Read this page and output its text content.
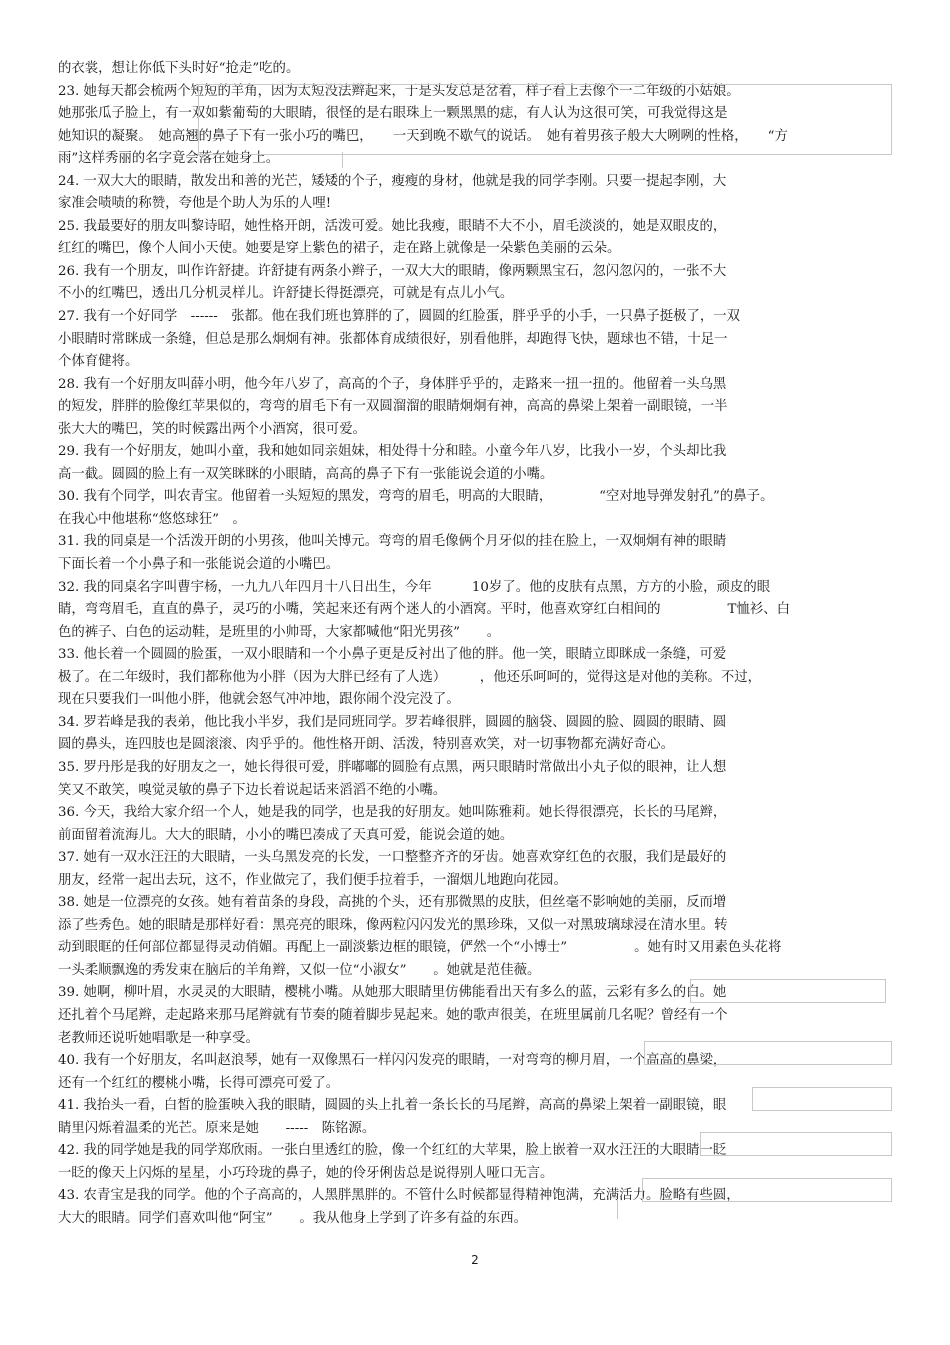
的衣裳，想让你低下头时好“抢走”吃的。
23. 她每天都会梳两个短短的羊角，因为太短没法辫起来，于是头发总是岔着，样子看上去像个一二年级的小姑娘。
她那张瓜子脸上，有一双如紫葡萄的大眼睛，很怪的是右眼珠上一颗黑黑的痣，有人认为这很可笑，可我觉得这是
她知识的凝聚。　她高翘的鼻子下有一张小巧的嘴巴，　　一天到晚不歇气的说话。　她有着男孩子般大大咧咧的性格，　　“方
雨”这样秀丽的名字竟会落在她身上。
24. 一双大大的眼睛，散发出和善的光芒，矮矮的个子，瘦瘦的身材，他就是我的同学李刚。只要一提起李刚，大
家准会啧啧的称赞，夸他是个助人为乐的人哩!
25. 我最要好的朋友叫黎诗昭，她性格开朗，活泼可爱。她比我瘦，眼睛不大不小，眉毛淡淡的，她是双眼皮的，
红红的嘴巴，像个人间小天使。她要是穿上紫色的裙子，走在路上就像是一朵紫色美丽的云朵。
26. 我有一个朋友，叫作许舒捷。许舒捷有两条小辫子，一双大大的眼睛，像两颗黑宝石，忽闪忽闪的，一张不大
不小的红嘴巴，透出几分机灵样儿。许舒捷长得挺漂亮，可就是有点儿小气。
27. 我有一个好同学　------　张都。他在我们班也算胖的了，圆圆的红脸蛋，胖乎乎的小手，一只鼻子挺极了，一双
小眼睛时常眯成一条缝，但总是那么炯炯有神。张都体育成绩很好，别看他胖，却跑得飞快，题球也不错，十足一
个体育健将。
28. 我有一个好朋友叫薛小明，他今年八岁了，高高的个子，身体胖乎乎的，走路来一扭一扭的。他留着一头乌黑
的短发，胖胖的脸像红苹果似的，弯弯的眉毛下有一双圆溜溜的眼睛炯炯有神，高高的鼻梁上架着一副眼镜，一半
张大大的嘴巴，笑的时候露出两个小酒窝，很可爱。
29. 我有一个好朋友，她叫小童，我和她如同亲姐妹，相处得十分和睦。小童今年八岁，比我小一岁，个头却比我
高一截。圆圆的脸上有一双笑眯眯的小眼睛，高高的鼻子下有一张能说会道的小嘴。
30. 我有个同学，叫农青宝。他留着一头短短的黑发，弯弯的眉毛，明高的大眼睛，　　　　“空对地导弹发射孔”的鼻子。
在我心中他堪称“悠悠球狂”　。
31. 我的同桌是一个活泼开朗的小男孩，他叫关博元。弯弯的眉毛像俩个月牙似的挂在脸上，一双炯炯有神的眼睛
下面长着一个小鼻子和一张能说会道的小嘴巴。
32. 我的同桌名字叫曹宇杨，一九九八年四月十八日出生，今年　　　10岁了。他的皮肤有点黑，方方的小脸，顽皮的眼
睛，弯弯眉毛，直直的鼻子，灵巧的小嘴，笑起来还有两个迷人的小酒窝。平时，他喜欢穿红白相间的　　　　　T恤衫、白
色的裤子、白色的运动鞋，是班里的小帅哥，大家都喊他“阳光男孩”　　。
33. 他长着一个圆圆的脸蛋，一双小眼睛和一个小鼻子更是反衬出了他的胖。他一笑，眼睛立即眯成一条缝，可爱
极了。在二年级时，我们都称他为小胖（因为大胖已经有了人选）　　　，他还乐呵呵的，觉得这是对他的美称。不过，
现在只要我们一叫他小胖，他就会怒气冲冲地，跟你闹个没完没了。
34. 罗若峰是我的表弟，他比我小半岁，我们是同班同学。罗若峰很胖，圆圆的脑袋、圆圆的脸、圆圆的眼睛、圆
圆的鼻头，连四肢也是圆滚滚、肉乎乎的。他性格开朗、活泼，特别喜欢笑，对一切事物都充满好奇心。
35. 罗丹彤是我的好朋友之一，她长得很可爱，胖嘟嘟的圆脸有点黑，两只眼睛时常做出小丸子似的眼神，让人想
笑又不敢笑，嗅觉灵敏的鼻子下边长着说起话来滔滔不绝的小嘴。
36. 今天，我给大家介绍一个人，她是我的同学，也是我的好朋友。她叫陈雅莉。她长得很漂亮，长长的马尾辫，
前面留着流海儿。大大的眼睛，小小的嘴巴凑成了天真可爱，能说会道的她。
37. 她有一双水汪汪的大眼睛，一头乌黑发亮的长发，一口整整齐齐的牙齿。她喜欢穿红色的衣服，我们是最好的
朋友，经常一起出去玩，这不，作业做完了，我们便手拉着手，一溜烟儿地跑向花园。
38. 她是一位漂亮的女孩。她有着苗条的身段，高挑的个头，还有那微黑的皮肤，但丝毫不影响她的美丽，反而增
添了些秀色。她的眼睛是那样好看：黑亮亮的眼珠，像两粒闪闪发光的黑珍珠，又似一对黑玻璃球浸在清水里。转
动到眼眶的任何部位都显得灵动俏媚。再配上一副淡紫边框的眼镜，俨然一个“小博士”　　　　　。她有时又用素色头花将
一头柔顺飘逸的秀发束在脑后的羊角辫，又似一位“小淑女”　　。她就是范佳薇。
39. 她啊，柳叶眉，水灵灵的大眼睛，樱桃小嘴。从她那大眼睛里仿佛能看出天有多么的蓝，云彩有多么的白。她
还扎着个马尾辫，走起路来那马尾辫就有节奏的随着脚步晃起来。她的歌声很美，在班里属前几名呢？曾经有一个
老教师还说听她唱歌是一种享受。
40. 我有一个好朋友，名叫赵浪琴，她有一双像黑石一样闪闪发亮的眼睛，一对弯弯的柳月眉，一个高高的鼻梁，
还有一个红红的樱桃小嘴，长得可漂亮可爱了。
41. 我抬头一看，白皙的脸蛋映入我的眼睛，圆圆的头上扎着一条长长的马尾辫，高高的鼻梁上架着一副眼镜，眼
睛里闪烁着温柔的光芒。原来是她　　-----　陈铭源。
42. 我的同学她是我的同学郑欣雨。一张白里透红的脸，像一个红红的大苹果，脸上嵌着一双水汪汪的大眼睛一眨
一眨的像天上闪烁的星星，小巧玲珑的鼻子，她的伶牙俐齿总是说得别人哑口无言。
43. 农青宝是我的同学。他的个子高高的，人黑胖黑胖的。不管什么时候都显得精神饱满，充满活力。脸略有些圆，
大大的眼睛。同学们喜欢叫他“阿宝”　　。我从他身上学到了许多有益的东西。
2
